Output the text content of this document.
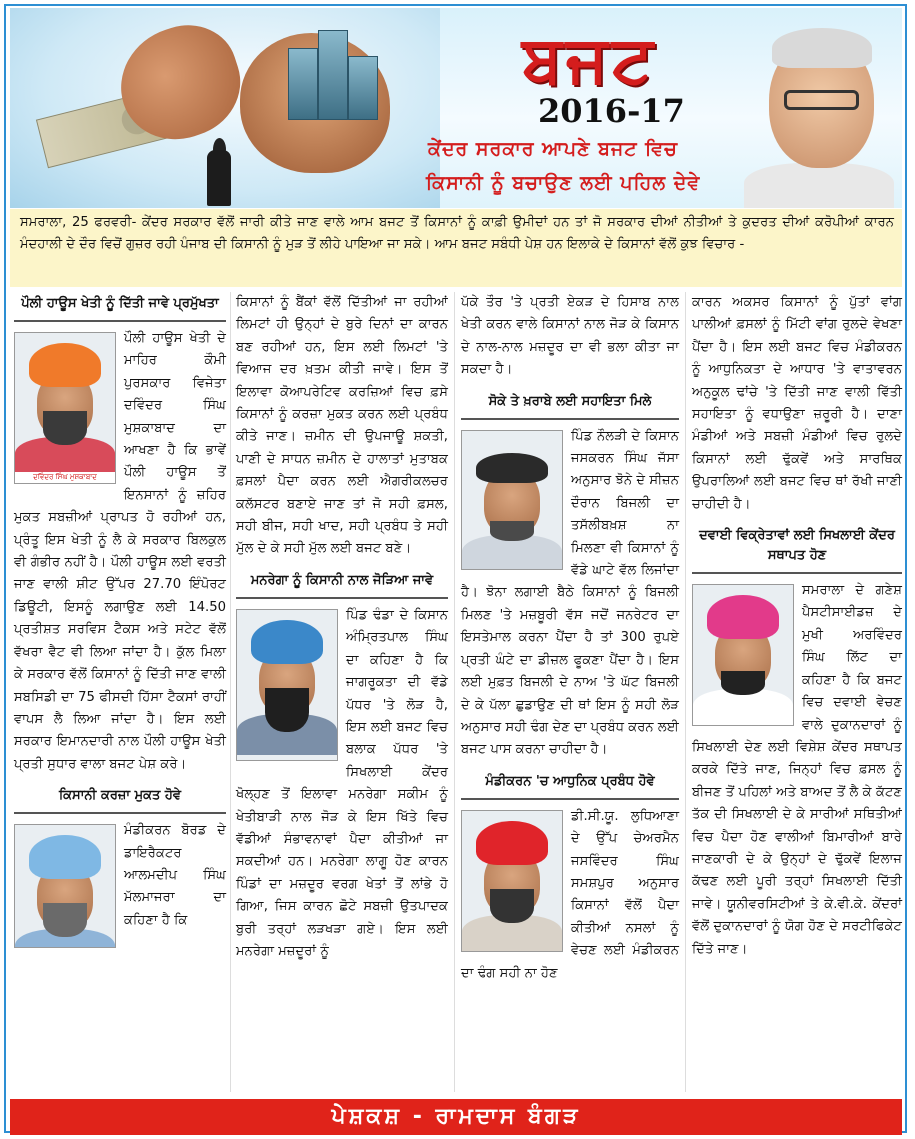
ਬਜਟ
2016-17
ਕੇਂਦਰ ਸਰਕਾਰ ਆਪਣੇ ਬਜਟ ਵਿਚ
ਕਿਸਾਨੀ ਨੂੰ ਬਚਾਉਣ ਲਈ ਪਹਿਲ ਦੇਵੇ
ਸਮਰਾਲਾ, 25 ਫਰਵਰੀ- ਕੇਂਦਰ ਸਰਕਾਰ ਵੱਲੋਂ ਜਾਰੀ ਕੀਤੇ ਜਾਣ ਵਾਲੇ ਆਮ ਬਜਟ ਤੋਂ ਕਿਸਾਨਾਂ ਨੂੰ ਕਾਫ਼ੀ ਉਮੀਦਾਂ ਹਨ ਤਾਂ ਜੋ ਸਰਕਾਰ ਦੀਆਂ ਨੀਤੀਆਂ ਤੇ ਕੁਦਰਤ ਦੀਆਂ ਕਰੋਪੀਆਂ ਕਾਰਨ ਮੰਦਹਾਲੀ ਦੇ ਦੌਰ ਵਿਚੋਂ ਗੁਜ਼ਰ ਰਹੀ ਪੰਜਾਬ ਦੀ ਕਿਸਾਨੀ ਨੂੰ ਮੁੜ ਤੋਂ ਲੀਹੇ ਪਾਇਆ ਜਾ ਸਕੇ। ਆਮ ਬਜਟ ਸਬੰਧੀ ਪੇਸ਼ ਹਨ ਇਲਾਕੇ ਦੇ ਕਿਸਾਨਾਂ ਵੱਲੋਂ ਕੁਝ ਵਿਚਾਰ -
ਪੌਲੀ ਹਾਊਸ ਖੇਤੀ ਨੂੰ ਦਿੱਤੀ ਜਾਵੇ ਪ੍ਰਮੁੱਖਤਾ
ਦਵਿੰਦਰ ਸਿੰਘ ਮੁਸ਼ਕਾਬਾਦ

ਪੌਲੀ ਹਾਊਸ ਖੇਤੀ ਦੇ ਮਾਹਿਰ ਕੌਮੀ ਪੁਰਸਕਾਰ ਵਿਜੇਤਾ ਦਵਿੰਦਰ ਸਿੰਘ ਮੁਸ਼ਕਾਬਾਦ ਦਾ ਆਖਣਾ ਹੈ ਕਿ ਭਾਵੇਂ ਪੌਲੀ ਹਾਊਸ ਤੋਂ ਇਨਸਾਨਾਂ ਨੂੰ ਜ਼ਹਿਰ ਮੁਕਤ ਸਬਜ਼ੀਆਂ ਪ੍ਰਾਪਤ ਹੋ ਰਹੀਆਂ ਹਨ, ਪ੍ਰੰਤੂ ਇਸ ਖੇਤੀ ਨੂੰ ਲੈ ਕੇ ਸਰਕਾਰ ਬਿਲਕੁਲ ਵੀ ਗੰਭੀਰ ਨਹੀਂ ਹੈ। ਪੌਲੀ ਹਾਊਸ ਲਈ ਵਰਤੀ ਜਾਣ ਵਾਲੀ ਸ਼ੀਟ ਉੱਪਰ 27.70 ਇੰਪੋਰਟ ਡਿਊਟੀ, ਇਸਨੂੰ ਲਗਾਉਣ ਲਈ 14.50 ਪ੍ਰਤੀਸ਼ਤ ਸਰਵਿਸ ਟੈਕਸ ਅਤੇ ਸਟੇਟ ਵੱਲੋਂ ਵੱਖਰਾ ਵੈਟ ਵੀ ਲਿਆ ਜਾਂਦਾ ਹੈ। ਕੁੱਲ ਮਿਲਾ ਕੇ ਸਰਕਾਰ ਵੱਲੋਂ ਕਿਸਾਨਾਂ ਨੂੰ ਦਿੱਤੀ ਜਾਣ ਵਾਲੀ ਸਬਸਿਡੀ ਦਾ 75 ਫੀਸਦੀ ਹਿੱਸਾ ਟੈਕਸਾਂ ਰਾਹੀਂ ਵਾਪਸ ਲੈ ਲਿਆ ਜਾਂਦਾ ਹੈ। ਇਸ ਲਈ ਸਰਕਾਰ ਇਮਾਨਦਾਰੀ ਨਾਲ ਪੌਲੀ ਹਾਊਸ ਖੇਤੀ ਪ੍ਰਤੀ ਸੁਧਾਰ ਵਾਲਾ ਬਜਟ ਪੇਸ਼ ਕਰੇ।

ਕਿਸਾਨੀ ਕਰਜ਼ਾ ਮੁਕਤ ਹੋਵੇ

ਮੰਡੀਕਰਨ ਬੋਰਡ ਦੇ ਡਾਇਰੈਕਟਰ ਆਲਮਦੀਪ ਸਿੰਘ ਮੱਲਮਾਜਰਾ ਦਾ ਕਹਿਣਾ ਹੈ ਕਿ

ਕਿਸਾਨਾਂ ਨੂੰ ਬੈਂਕਾਂ ਵੱਲੋਂ ਦਿੱਤੀਆਂ ਜਾ ਰਹੀਆਂ ਲਿਮਟਾਂ ਹੀ ਉਨ੍ਹਾਂ ਦੇ ਬੁਰੇ ਦਿਨਾਂ ਦਾ ਕਾਰਨ ਬਣ ਰਹੀਆਂ ਹਨ, ਇਸ ਲਈ ਲਿਮਟਾਂ 'ਤੇ ਵਿਆਜ ਦਰ ਖ਼ਤਮ ਕੀਤੀ ਜਾਵੇ। ਇਸ ਤੋਂ ਇਲਾਵਾ ਕੋਆਪਰੇਟਿਵ ਕਰਜ਼ਿਆਂ ਵਿਚ ਫ਼ਸੇ ਕਿਸਾਨਾਂ ਨੂੰ ਕਰਜ਼ਾ ਮੁਕਤ ਕਰਨ ਲਈ ਪ੍ਰਬੰਧ ਕੀਤੇ ਜਾਣ। ਜ਼ਮੀਨ ਦੀ ਉਪਜਾਊ ਸ਼ਕਤੀ, ਪਾਣੀ ਦੇ ਸਾਧਨ ਜ਼ਮੀਨ ਦੇ ਹਾਲਾਤਾਂ ਮੁਤਾਬਕ ਫ਼ਸਲਾਂ ਪੈਦਾ ਕਰਨ ਲਈ ਐਗਰੀਕਲਚਰ ਕਲੱਸਟਰ ਬਣਾਏ ਜਾਣ ਤਾਂ ਜੋ ਸਹੀ ਫ਼ਸਲ, ਸਹੀ ਬੀਜ, ਸਹੀ ਖਾਦ, ਸਹੀ ਪ੍ਰਬੰਧ ਤੇ ਸਹੀ ਮੁੱਲ ਦੇ ਕੇ ਸਹੀ ਮੁੱਲ ਲਈ ਬਜਟ ਬਣੇ।

ਮਨਰੇਗਾ ਨੂੰ ਕਿਸਾਨੀ ਨਾਲ ਜੋੜਿਆ ਜਾਵੇ

ਪਿੰਡ ਢੰਡਾ ਦੇ ਕਿਸਾਨ ਅੰਮ੍ਰਿਤਪਾਲ ਸਿੰਘ ਦਾ ਕਹਿਣਾ ਹੈ ਕਿ ਜਾਗਰੂਕਤਾ ਦੀ ਵੱਡੇ ਪੱਧਰ 'ਤੇ ਲੋੜ ਹੈ, ਇਸ ਲਈ ਬਜਟ ਵਿਚ ਬਲਾਕ ਪੱਧਰ 'ਤੇ ਸਿਖਲਾਈ ਕੇਂਦਰ ਖੋਲ੍ਹਣ ਤੋਂ ਇਲਾਵਾ ਮਨਰੇਗਾ ਸਕੀਮ ਨੂੰ ਖੇਤੀਬਾੜੀ ਨਾਲ ਜੋੜ ਕੇ ਇਸ ਖਿੱਤੇ ਵਿਚ ਵੱਡੀਆਂ ਸੰਭਾਵਨਾਵਾਂ ਪੈਦਾ ਕੀਤੀਆਂ ਜਾ ਸਕਦੀਆਂ ਹਨ। ਮਨਰੇਗਾ ਲਾਗੂ ਹੋਣ ਕਾਰਨ ਪਿੰਡਾਂ ਦਾ ਮਜ਼ਦੂਰ ਵਰਗ ਖੇਤਾਂ ਤੋਂ ਲਾਂਭੇ ਹੋ ਗਿਆ, ਜਿਸ ਕਾਰਨ ਛੋਟੇ ਸਬਜ਼ੀ ਉਤਪਾਦਕ ਬੁਰੀ ਤਰ੍ਹਾਂ ਲੜਖੜਾ ਗਏ। ਇਸ ਲਈ ਮਨਰੇਗਾ ਮਜ਼ਦੂਰਾਂ ਨੂੰ

ਪੱਕੇ ਤੌਰ 'ਤੇ ਪ੍ਰਤੀ ਏਕੜ ਦੇ ਹਿਸਾਬ ਨਾਲ ਖੇਤੀ ਕਰਨ ਵਾਲੇ ਕਿਸਾਨਾਂ ਨਾਲ ਜੋੜ ਕੇ ਕਿਸਾਨ ਦੇ ਨਾਲ-ਨਾਲ ਮਜ਼ਦੂਰ ਦਾ ਵੀ ਭਲਾ ਕੀਤਾ ਜਾ ਸਕਦਾ ਹੈ।

ਸੋਕੇ ਤੇ ਖ਼ਰਾਬੇ ਲਈ ਸਹਾਇਤਾ ਮਿਲੇ

ਪਿੰਡ ਨੌਲੜੀ ਦੇ ਕਿਸਾਨ ਜਸਕਰਨ ਸਿੰਘ ਜੱਸਾ ਅਨੁਸਾਰ ਝੋਨੇ ਦੇ ਸੀਜ਼ਨ ਦੌਰਾਨ ਬਿਜਲੀ ਦਾ ਤਸੱਲੀਬਖ਼ਸ਼ ਨਾ ਮਿਲਣਾ ਵੀ ਕਿਸਾਨਾਂ ਨੂੰ ਵੱਡੇ ਘਾਟੇ ਵੱਲ ਲਿਜਾਂਦਾ ਹੈ। ਝੋਨਾ ਲਗਾਈ ਬੈਠੇ ਕਿਸਾਨਾਂ ਨੂੰ ਬਿਜਲੀ ਮਿਲਣ 'ਤੇ ਮਜ਼ਬੂਰੀ ਵੱਸ ਜਦੋਂ ਜਨਰੇਟਰ ਦਾ ਇਸਤੇਮਾਲ ਕਰਨਾ ਪੈਂਦਾ ਹੈ ਤਾਂ 300 ਰੁਪਏ ਪ੍ਰਤੀ ਘੰਟੇ ਦਾ ਡੀਜ਼ਲ ਫੂਕਣਾ ਪੈਂਦਾ ਹੈ। ਇਸ ਲਈ ਮੁਫ਼ਤ ਬਿਜਲੀ ਦੇ ਨਾਅ 'ਤੇ ਘੱਟ ਬਿਜਲੀ ਦੇ ਕੇ ਪੱਲਾ ਛੁਡਾਉਣ ਦੀ ਥਾਂ ਇਸ ਨੂੰ ਸਹੀ ਲੋੜ ਅਨੁਸਾਰ ਸਹੀ ਢੰਗ ਦੇਣ ਦਾ ਪ੍ਰਬੰਧ ਕਰਨ ਲਈ ਬਜਟ ਪਾਸ ਕਰਨਾ ਚਾਹੀਦਾ ਹੈ।

ਮੰਡੀਕਰਨ 'ਚ ਆਧੁਨਿਕ ਪ੍ਰਬੰਧ ਹੋਵੇ

ਡੀ.ਸੀ.ਯੂ. ਲੁਧਿਆਣਾ ਦੇ ਉੱਪ ਚੇਅਰਮੈਨ ਜਸਵਿੰਦਰ ਸਿੰਘ ਸਮਸ਼ਪੁਰ ਅਨੁਸਾਰ ਕਿਸਾਨਾਂ ਵੱਲੋਂ ਪੈਦਾ ਕੀਤੀਆਂ ਨਸਲਾਂ ਨੂੰ ਵੇਚਣ ਲਈ ਮੰਡੀਕਰਨ ਦਾ ਢੰਗ ਸਹੀ ਨਾ ਹੋਣ

ਕਾਰਨ ਅਕਸਰ ਕਿਸਾਨਾਂ ਨੂੰ ਪੁੱਤਾਂ ਵਾਂਗ ਪਾਲੀਆਂ ਫ਼ਸਲਾਂ ਨੂੰ ਮਿੱਟੀ ਵਾਂਗ ਰੁਲਦੇ ਵੇਖਣਾ ਪੈਂਦਾ ਹੈ। ਇਸ ਲਈ ਬਜਟ ਵਿਚ ਮੰਡੀਕਰਨ ਨੂੰ ਆਧੁਨਿਕਤਾ ਦੇ ਆਧਾਰ 'ਤੇ ਵਾਤਾਵਰਨ ਅਨੁਕੂਲ ਢਾਂਚੇ 'ਤੇ ਦਿੱਤੀ ਜਾਣ ਵਾਲੀ ਵਿੱਤੀ ਸਹਾਇਤਾ ਨੂੰ ਵਧਾਉਣਾ ਜ਼ਰੂਰੀ ਹੈ। ਦਾਣਾ ਮੰਡੀਆਂ ਅਤੇ ਸਬਜ਼ੀ ਮੰਡੀਆਂ ਵਿਚ ਰੁਲਦੇ ਕਿਸਾਨਾਂ ਲਈ ਢੁੱਕਵੇਂ ਅਤੇ ਸਾਰਥਿਕ ਉਪਰਾਲਿਆਂ ਲਈ ਬਜਟ ਵਿਚ ਥਾਂ ਰੱਖੀ ਜਾਣੀ ਚਾਹੀਦੀ ਹੈ।

ਦਵਾਈ ਵਿਕ੍ਰੇਤਾਵਾਂ ਲਈ ਸਿਖਲਾਈ ਕੇਂਦਰ ਸਥਾਪਤ ਹੋਣ

ਸਮਰਾਲਾ ਦੇ ਗਣੇਸ਼ ਪੈਸਟੀਸਾਈਡਜ਼ ਦੇ ਮੁਖੀ ਅਰਵਿੰਦਰ ਸਿੰਘ ਲਿੱਟ ਦਾ ਕਹਿਣਾ ਹੈ ਕਿ ਬਜਟ ਵਿਚ ਦਵਾਈ ਵੇਚਣ ਵਾਲੇ ਦੁਕਾਨਦਾਰਾਂ ਨੂੰ ਸਿਖਲਾਈ ਦੇਣ ਲਈ ਵਿਸ਼ੇਸ਼ ਕੇਂਦਰ ਸਥਾਪਤ ਕਰਕੇ ਦਿੱਤੇ ਜਾਣ, ਜਿਨ੍ਹਾਂ ਵਿਚ ਫ਼ਸਲ ਨੂੰ ਬੀਜਣ ਤੋਂ ਪਹਿਲਾਂ ਅਤੇ ਬਾਅਦ ਤੋਂ ਲੈ ਕੇ ਕੱਟਣ ਤੱਕ ਦੀ ਸਿਖਲਾਈ ਦੇ ਕੇ ਸਾਰੀਆਂ ਸਥਿਤੀਆਂ ਵਿਚ ਪੈਦਾ ਹੋਣ ਵਾਲੀਆਂ ਬਿਮਾਰੀਆਂ ਬਾਰੇ ਜਾਣਕਾਰੀ ਦੇ ਕੇ ਉਨ੍ਹਾਂ ਦੇ ਢੁੱਕਵੇਂ ਇਲਾਜ ਕੱਢਣ ਲਈ ਪੂਰੀ ਤਰ੍ਹਾਂ ਸਿਖਲਾਈ ਦਿੱਤੀ ਜਾਵੇ। ਯੂਨੀਵਰਸਿਟੀਆਂ ਤੇ ਕੇ.ਵੀ.ਕੇ. ਕੇਂਦਰਾਂ ਵੱਲੋਂ ਦੁਕਾਨਦਾਰਾਂ ਨੂੰ ਯੋਗ ਹੋਣ ਦੇ ਸਰਟੀਫਿਕੇਟ ਦਿੱਤੇ ਜਾਣ।

ਪੇਸ਼ਕਸ਼ - ਰਾਮਦਾਸ ਬੰਗੜ
